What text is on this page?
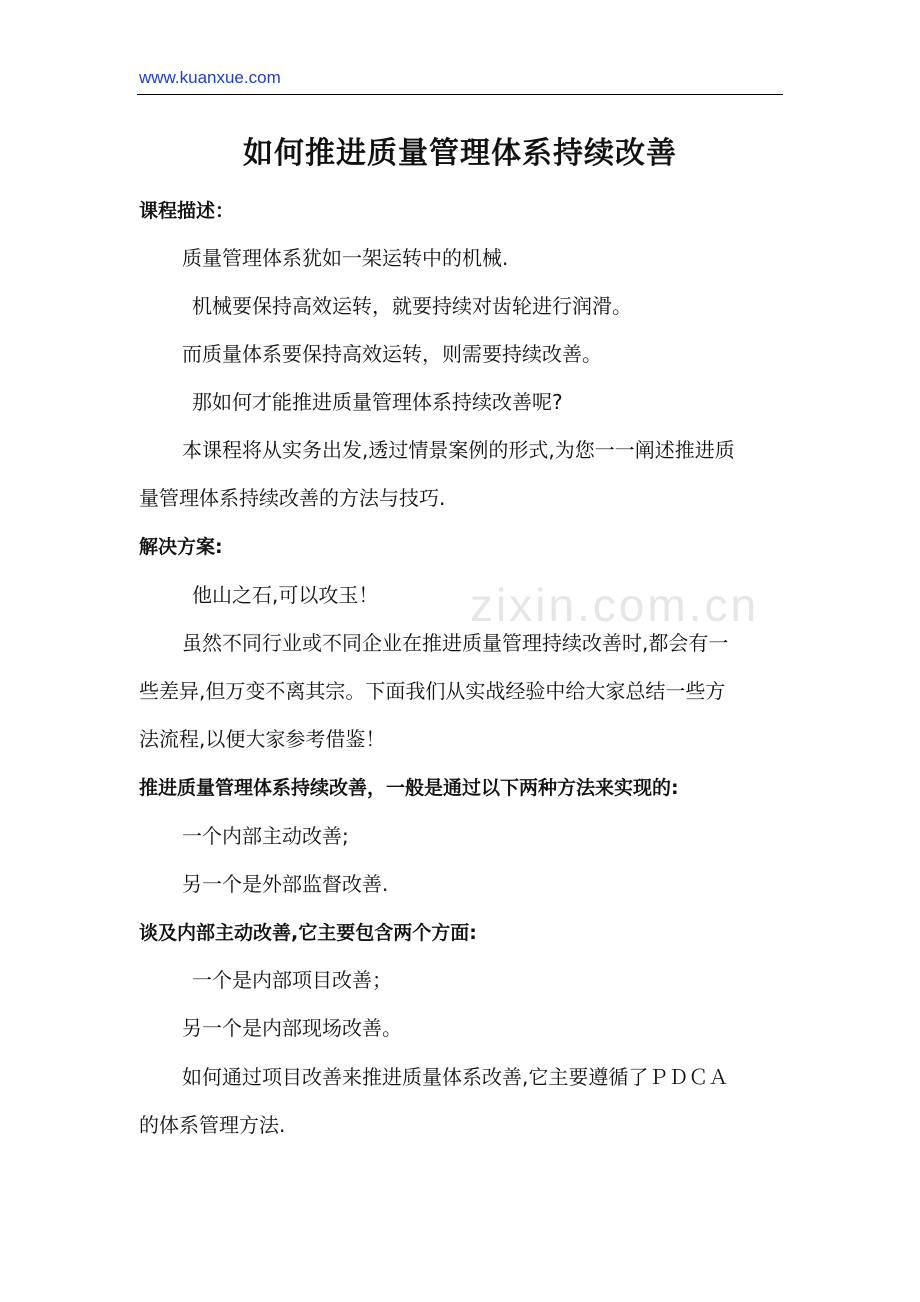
www.kuanxue.com
zixin.com.cn
如何推进质量管理体系持续改善
课程描述：
质量管理体系犹如一架运转中的机械.
机械要保持高效运转，就要持续对齿轮进行润滑。
而质量体系要保持高效运转，则需要持续改善。
那如何才能推进质量管理体系持续改善呢?
本课程将从实务出发,透过情景案例的形式,为您一一阐述推进质
量管理体系持续改善的方法与技巧.
解决方案:
他山之石,可以攻玉！
虽然不同行业或不同企业在推进质量管理持续改善时,都会有一
些差异,但万变不离其宗。下面我们从实战经验中给大家总结一些方
法流程,以便大家参考借鉴！
推进质量管理体系持续改善，一般是通过以下两种方法来实现的:
一个内部主动改善;
另一个是外部监督改善.
谈及内部主动改善,它主要包含两个方面:
一个是内部项目改善；
另一个是内部现场改善。
如何通过项目改善来推进质量体系改善,它主要遵循了ＰＤＣＡ
的体系管理方法.
